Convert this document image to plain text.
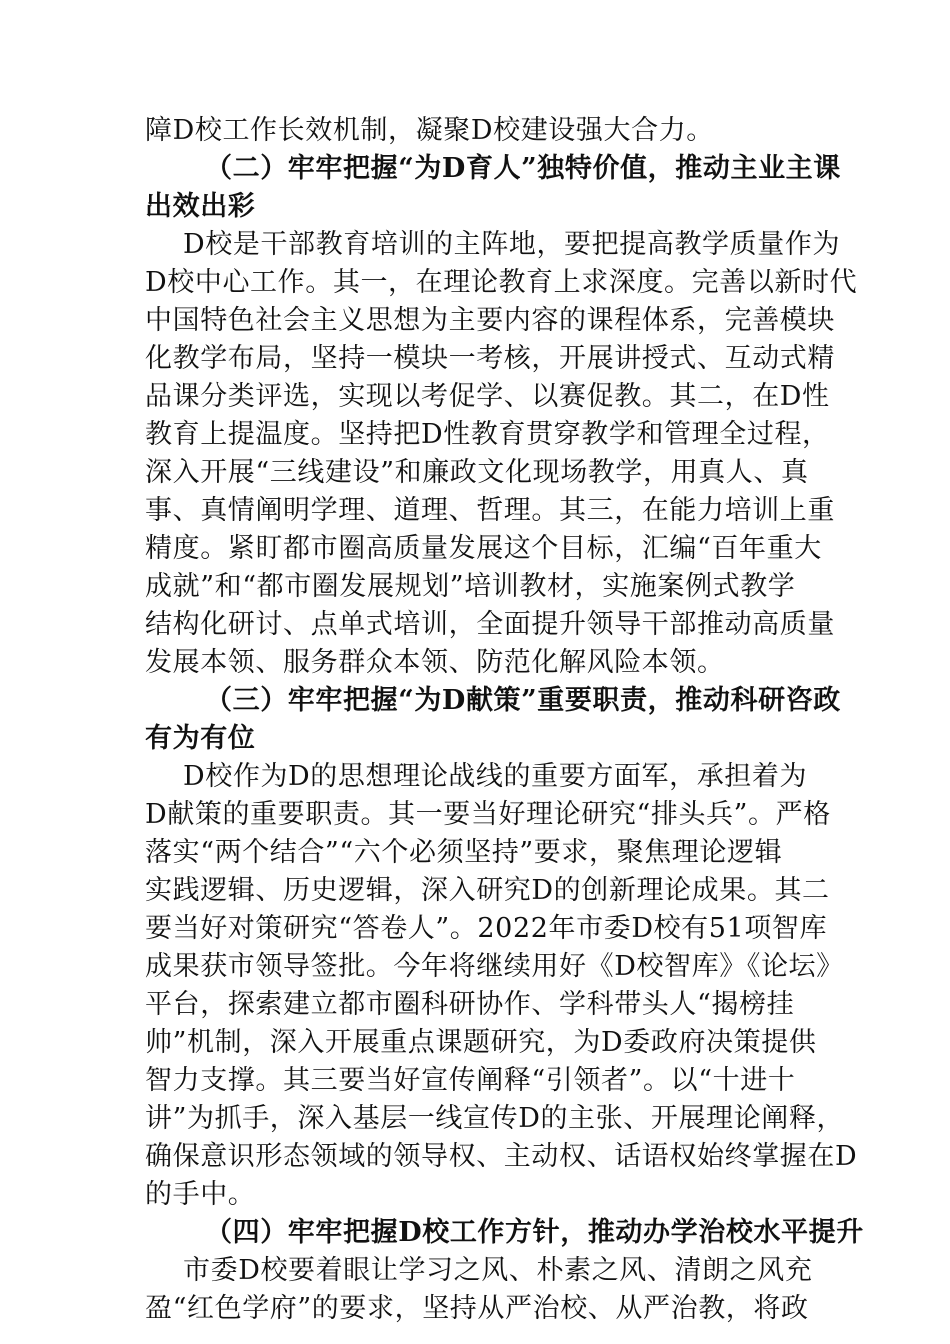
障D校工作长效机制，凝聚D校建设强大合力。
（二）牢牢把握“为D育人”独特价值，推动主业主课
出效出彩
D校是干部教育培训的主阵地，要把提高教学质量作为
D校中心工作。其一，在理论教育上求深度。完善以新时代
中国特色社会主义思想为主要内容的课程体系，完善模块
化教学布局，坚持一模块一考核，开展讲授式、互动式精
品课分类评选，实现以考促学、以赛促教。其二，在D性
教育上提温度。坚持把D性教育贯穿教学和管理全过程，
深入开展“三线建设”和廉政文化现场教学，用真人、真
事、真情阐明学理、道理、哲理。其三，在能力培训上重
精度。紧盯都市圈高质量发展这个目标，汇编“百年重大
成就”和“都市圈发展规划”培训教材，实施案例式教学
结构化研讨、点单式培训，全面提升领导干部推动高质量
发展本领、服务群众本领、防范化解风险本领。
（三）牢牢把握“为D献策”重要职责，推动科研咨政
有为有位
D校作为D的思想理论战线的重要方面军，承担着为
D献策的重要职责。其一要当好理论研究“排头兵”。严格
落实“两个结合”“六个必须坚持”要求，聚焦理论逻辑
实践逻辑、历史逻辑，深入研究D的创新理论成果。其二
要当好对策研究“答卷人”。2022年市委D校有51项智库
成果获市领导签批。今年将继续用好《D校智库》《论坛》
平台，探索建立都市圈科研协作、学科带头人“揭榜挂
帅”机制，深入开展重点课题研究，为D委政府决策提供
智力支撑。其三要当好宣传阐释“引领者”。以“十进十
讲”为抓手，深入基层一线宣传D的主张、开展理论阐释，
确保意识形态领域的领导权、主动权、话语权始终掌握在D
的手中。
（四）牢牢把握D校工作方针，推动办学治校水平提升
市委D校要着眼让学习之风、朴素之风、清朗之风充
盈“红色学府”的要求，坚持从严治校、从严治教，将政
